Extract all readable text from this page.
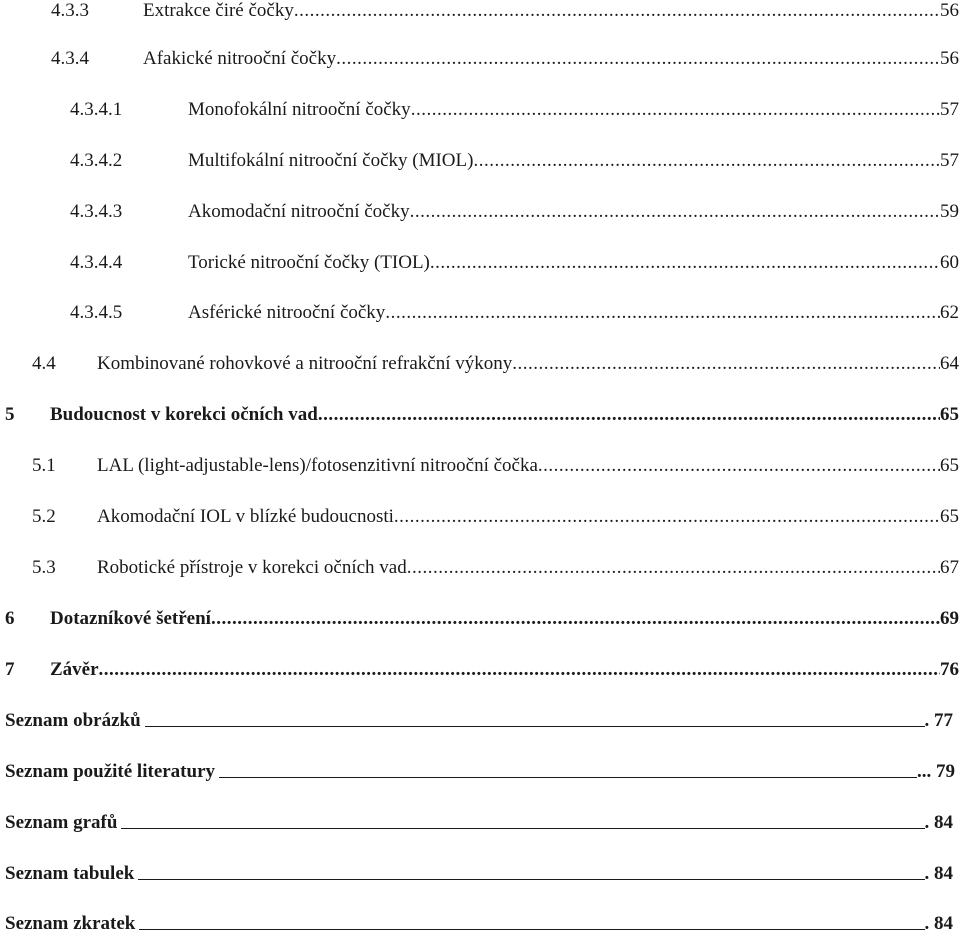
4.3.3	Extrakce čiré čočky .....	56
4.3.4	Afakické nitrooční čočky .....	56
4.3.4.1	Monofokální nitrooční čočky .....	57
4.3.4.2	Multifokální nitrooční čočky (MIOL) .....	57
4.3.4.3	Akomodační nitrooční čočky .....	59
4.3.4.4	Torické nitrooční čočky (TIOL) .....	60
4.3.4.5	Asférické nitrooční čočky .....	62
4.4	Kombinované rohovkové a nitrooční refrakční výkony .....	64
5	Budoucnost v korekci očních vad .....	65
5.1	LAL (light-adjustable-lens)/fotosenzitivní nitrooční čočka .....	65
5.2	Akomodační IOL v blízké budoucnosti .....	65
5.3	Robotické přístroje v korekci očních vad .....	67
6	Dotazníkové šetření .....	69
7	Závěr .....	76
Seznam obrázků	. 77
Seznam použité literatury	... 79
Seznam grafů	. 84
Seznam tabulek	. 84
Seznam zkratek	. 84
